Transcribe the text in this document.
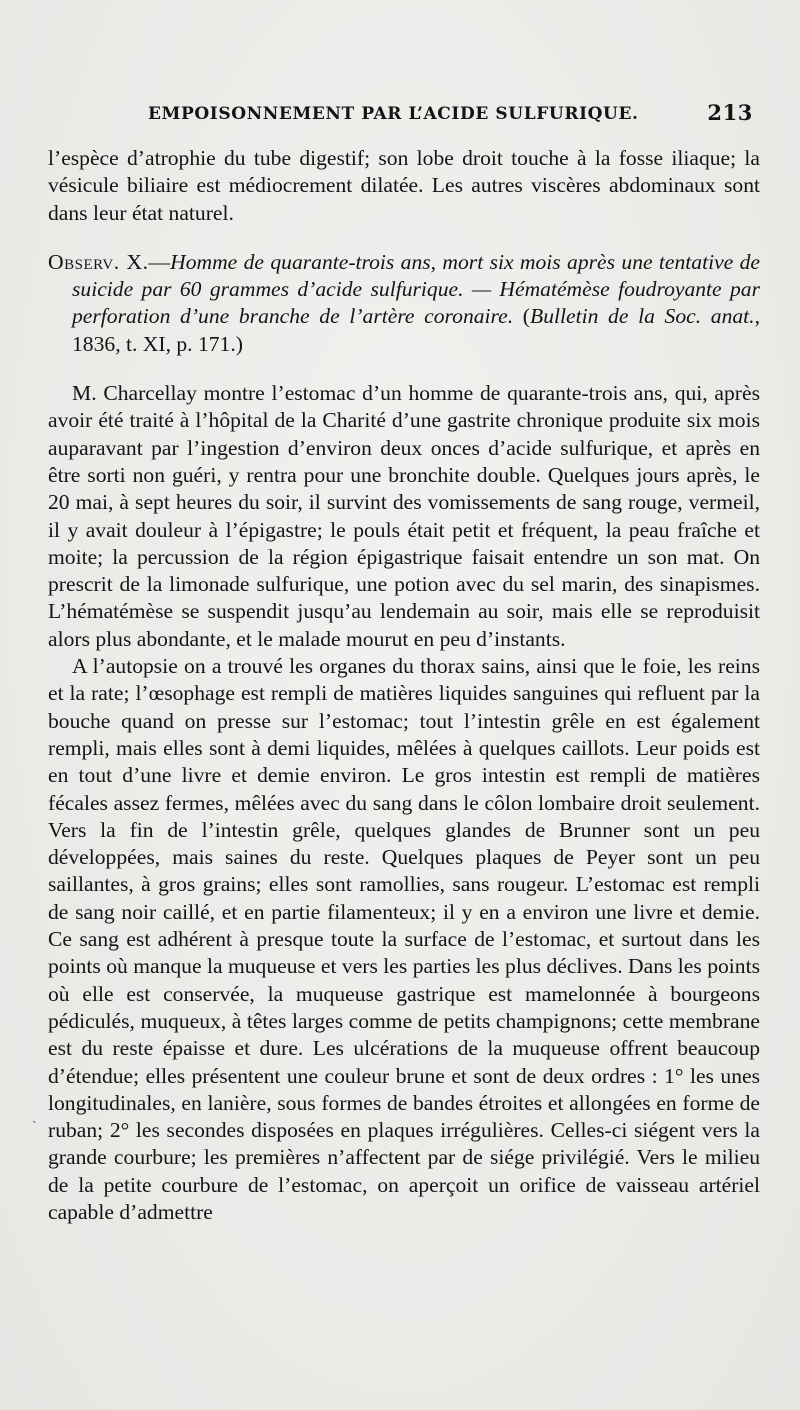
EMPOISONNEMENT PAR L’ACIDE SULFURIQUE.	213

l’espèce d’atrophie du tube digestif; son lobe droit touche à la fosse iliaque; la vésicule biliaire est médiocrement dilatée. Les autres viscères abdominaux sont dans leur état naturel.

Observ. X.—Homme de quarante-trois ans, mort six mois après une tentative de suicide par 60 grammes d’acide sulfurique. — Hématémèse foudroyante par perforation d’une branche de l’artère coronaire. (Bulletin de la Soc. anat., 1836, t. XI, p. 171.)

M. Charcellay montre l’estomac d’un homme de quarante-trois ans, qui, après avoir été traité à l’hôpital de la Charité d’une gastrite chronique produite six mois auparavant par l’ingestion d’environ deux onces d’acide sulfurique, et après en être sorti non guéri, y rentra pour une bronchite double. Quelques jours après, le 20 mai, à sept heures du soir, il survint des vomissements de sang rouge, vermeil, il y avait douleur à l’épigastre; le pouls était petit et fréquent, la peau fraîche et moite; la percussion de la région épigastrique faisait entendre un son mat. On prescrit de la limonade sulfurique, une potion avec du sel marin, des sinapismes. L’hématémèse se suspendit jusqu’au lendemain au soir, mais elle se reproduisit alors plus abondante, et le malade mourut en peu d’instants.

A l’autopsie on a trouvé les organes du thorax sains, ainsi que le foie, les reins et la rate; l’œsophage est rempli de matières liquides sanguines qui refluent par la bouche quand on presse sur l’estomac; tout l’intestin grêle en est également rempli, mais elles sont à demi liquides, mêlées à quelques caillots. Leur poids est en tout d’une livre et demie environ. Le gros intestin est rempli de matières fécales assez fermes, mêlées avec du sang dans le côlon lombaire droit seulement. Vers la fin de l’intestin grêle, quelques glandes de Brunner sont un peu développées, mais saines du reste. Quelques plaques de Peyer sont un peu saillantes, à gros grains; elles sont ramollies, sans rougeur. L’estomac est rempli de sang noir caillé, et en partie filamenteux; il y en a environ une livre et demie. Ce sang est adhérent à presque toute la surface de l’estomac, et surtout dans les points où manque la muqueuse et vers les parties les plus déclives. Dans les points où elle est conservée, la muqueuse gastrique est mamelonnée à bourgeons pédiculés, muqueux, à têtes larges comme de petits champignons; cette membrane est du reste épaisse et dure. Les ulcérations de la muqueuse offrent beaucoup d’étendue; elles présentent une couleur brune et sont de deux ordres : 1° les unes longitudinales, en lanière, sous formes de bandes étroites et allongées en forme de ruban; 2° les secondes disposées en plaques irrégulières. Celles-ci siégent vers la grande courbure; les premières n’affectent par de siége privilégié. Vers le milieu de la petite courbure de l’estomac, on aperçoit un orifice de vaisseau artériel capable d’admettre

ˎ
